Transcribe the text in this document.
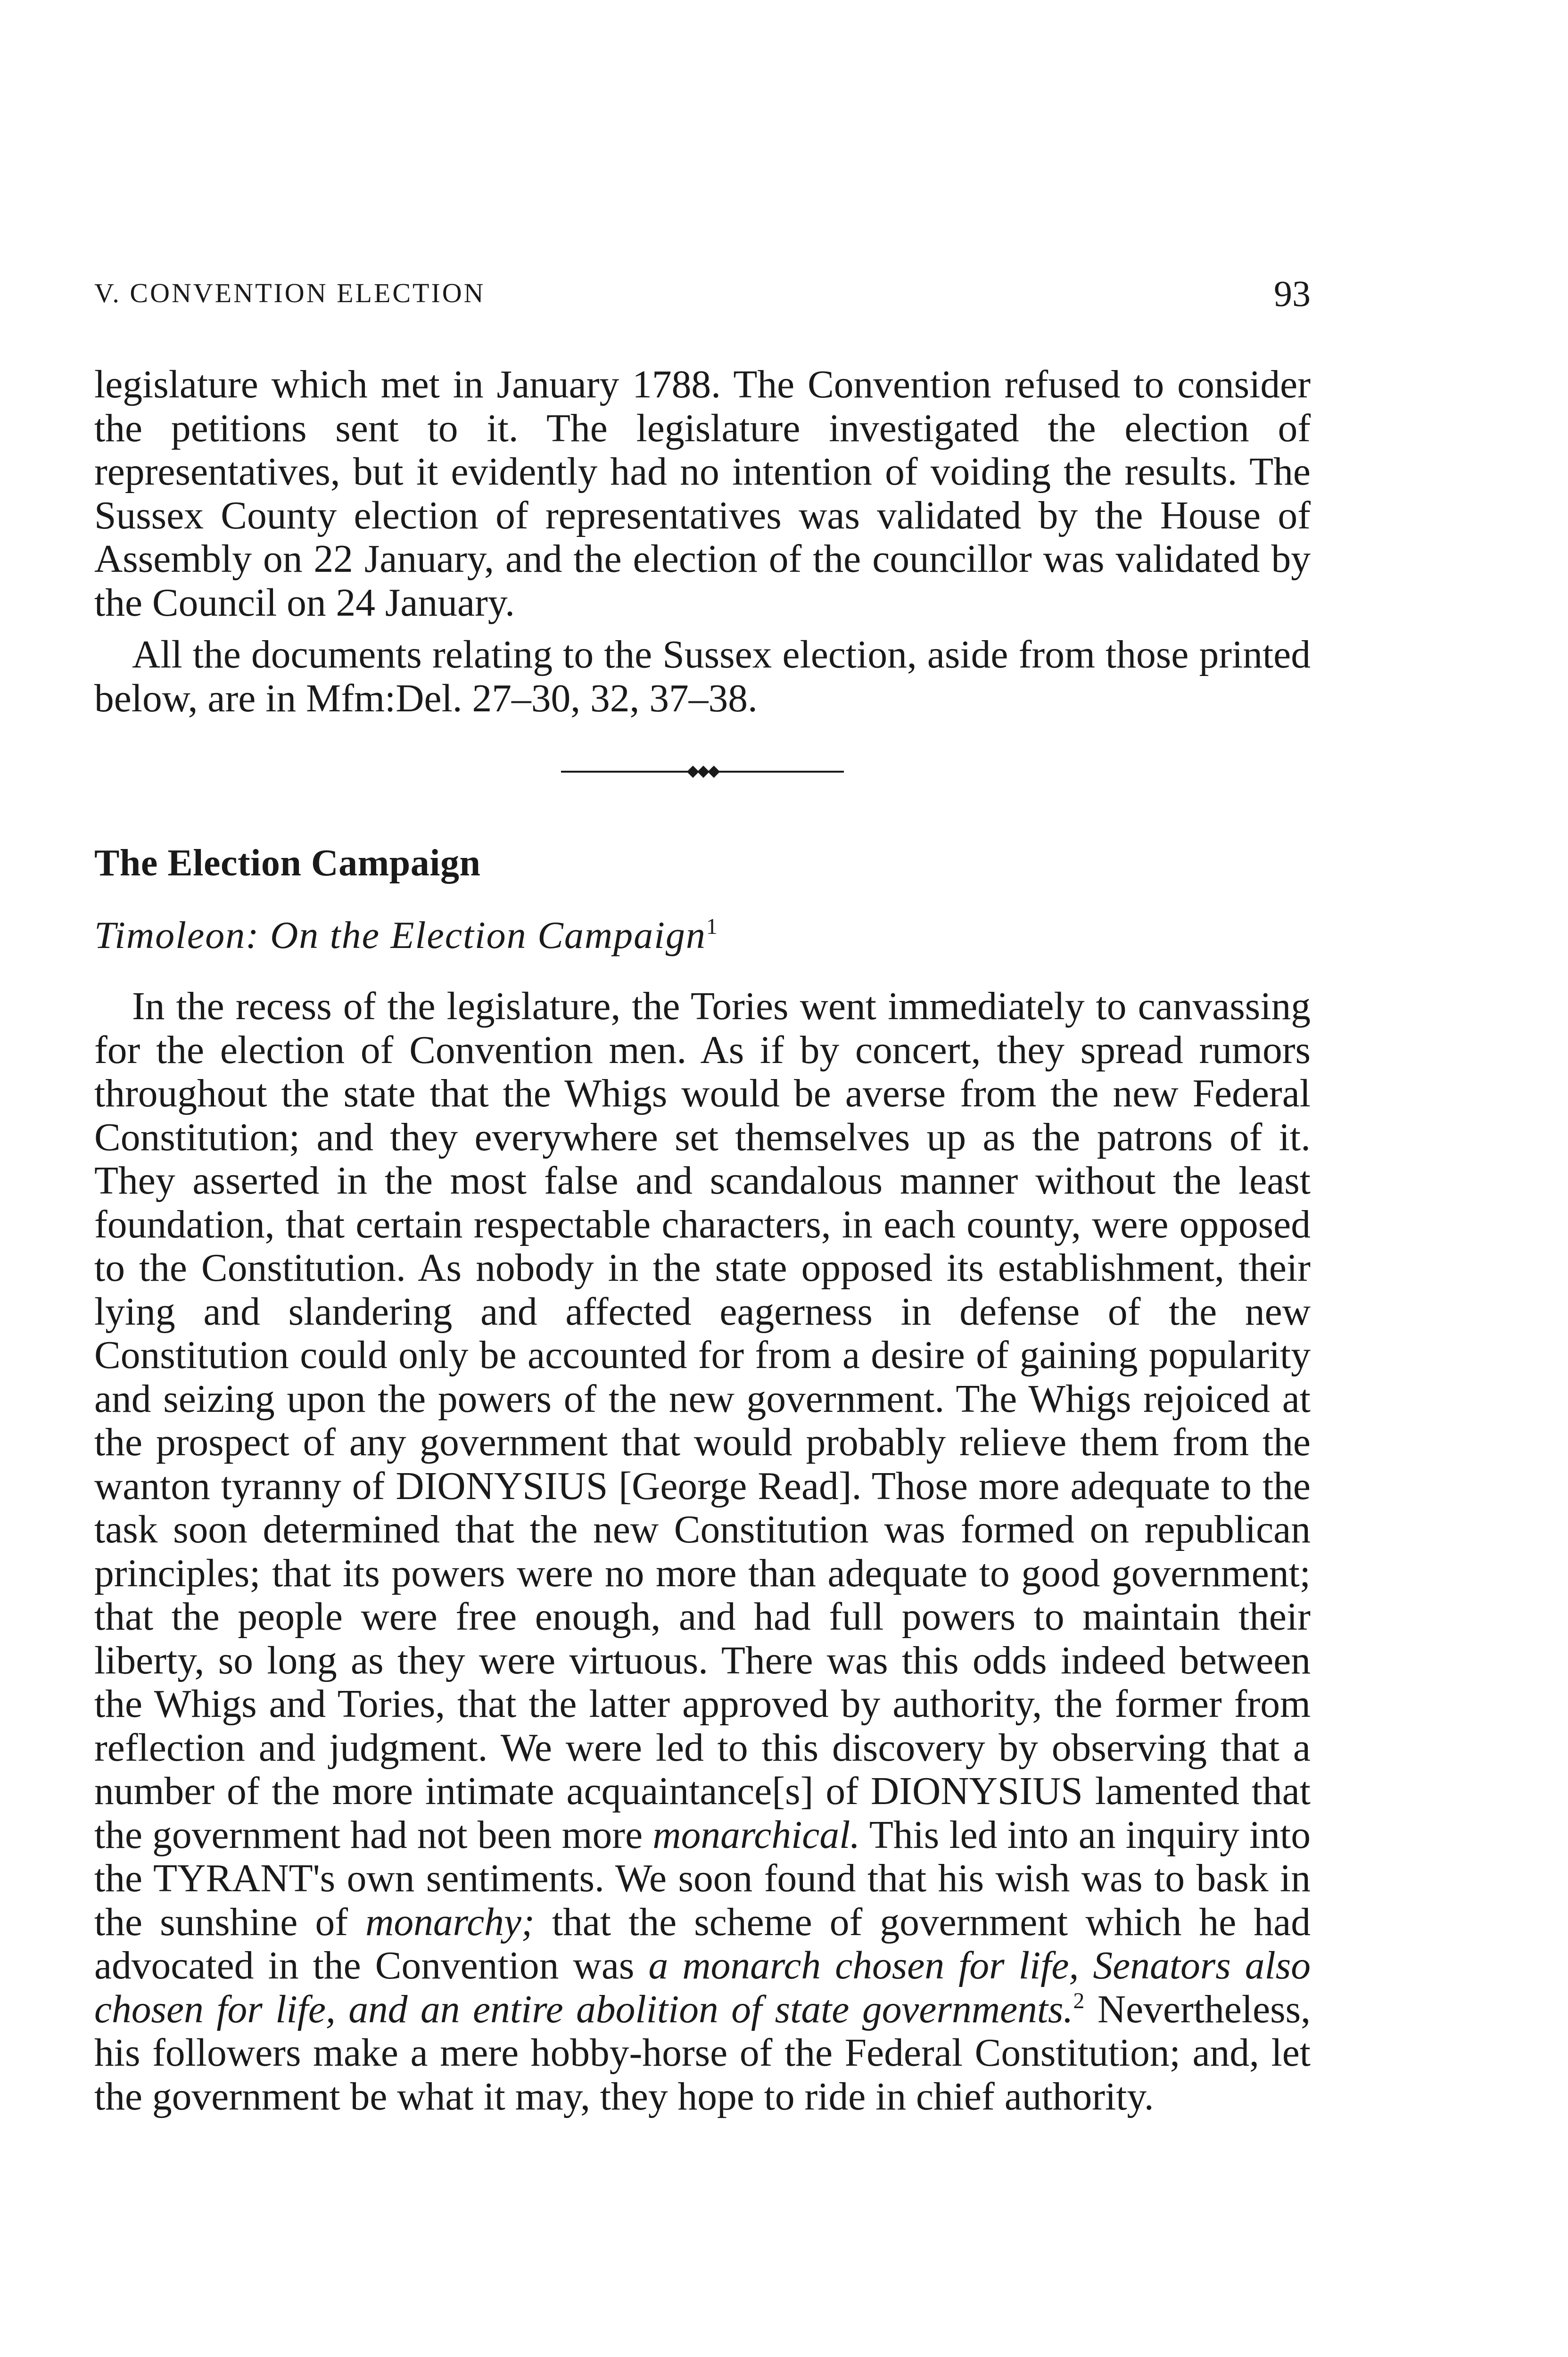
V. CONVENTION ELECTION	93

legislature which met in January 1788. The Convention refused to consider the petitions sent to it. The legislature investigated the election of representatives, but it evidently had no intention of voiding the results. The Sussex County election of representatives was validated by the House of Assembly on 22 January, and the election of the councillor was validated by the Council on 24 January.

All the documents relating to the Sussex election, aside from those printed below, are in Mfm:Del. 27–30, 32, 37–38.

◆◆◆
The Election Campaign
Timoleon: On the Election Campaign$^1$

In the recess of the legislature, the Tories went immediately to canvassing for the election of Convention men. As if by concert, they spread rumors throughout the state that the Whigs would be averse from the new Federal Constitution; and they everywhere set themselves up as the patrons of it. They asserted in the most false and scandalous manner without the least foundation, that certain respectable characters, in each county, were opposed to the Constitution. As nobody in the state opposed its establishment, their lying and slandering and affected eagerness in defense of the new Constitution could only be accounted for from a desire of gaining popularity and seizing upon the powers of the new government. The Whigs rejoiced at the prospect of any government that would probably relieve them from the wanton tyranny of DIONYSIUS [George Read]. Those more adequate to the task soon determined that the new Constitution was formed on republican principles; that its powers were no more than adequate to good government; that the people were free enough, and had full powers to maintain their liberty, so long as they were virtuous. There was this odds indeed between the Whigs and Tories, that the latter approved by authority, the former from reflection and judgment. We were led to this discovery by observing that a number of the more intimate acquaintance[s] of DIONYSIUS lamented that the government had not been more monarchical. This led into an inquiry into the TYRANT's own sentiments. We soon found that his wish was to bask in the sunshine of monarchy; that the scheme of government which he had advocated in the Convention was a monarch chosen for life, Senators also chosen for life, and an entire abolition of state governments.$^2$ Nevertheless, his followers make a mere hobby-horse of the Federal Constitution; and, let the government be what it may, they hope to ride in chief authority.
